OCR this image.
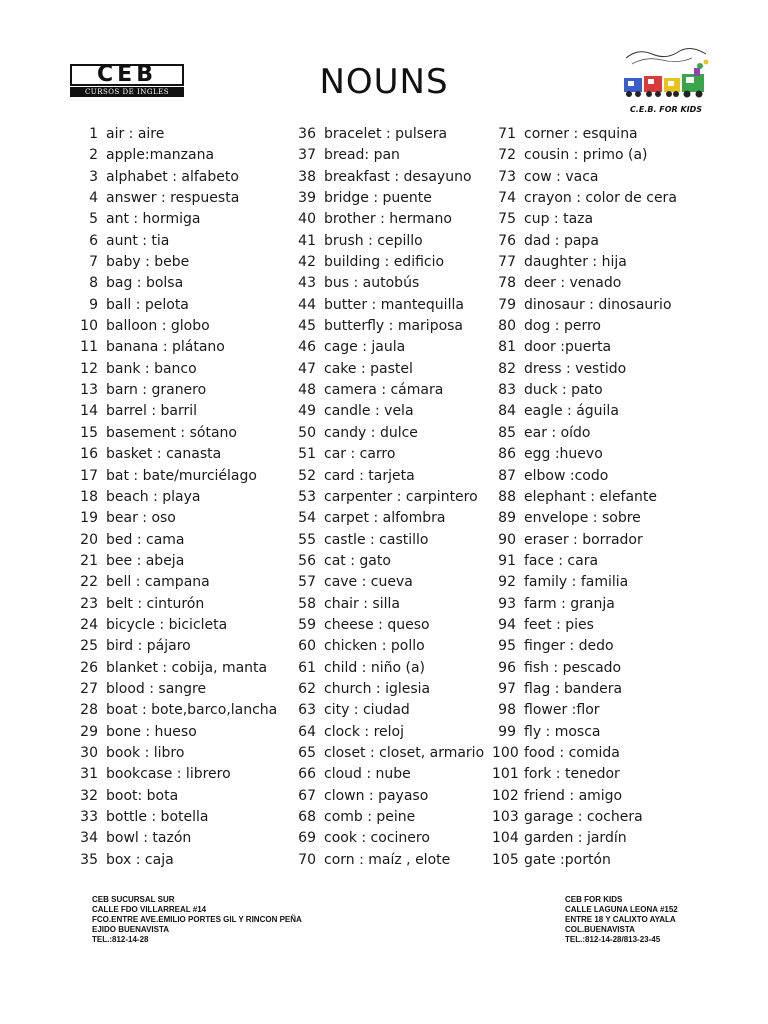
CEB
CURSOS DE INGLES	NOUNS
C.E.B. FOR KIDS
1 air : aire
2 apple:manzana
3 alphabet : alfabeto
4 answer : respuesta
5 ant : hormiga
6 aunt : tia
7 baby : bebe
8 bag : bolsa
9 ball : pelota
10 balloon : globo
11 banana : plátano
12 bank : banco
13 barn : granero
14 barrel : barril
15 basement : sótano
16 basket : canasta
17 bat : bate/murciélago
18 beach : playa
19 bear : oso
20 bed : cama
21 bee : abeja
22 bell : campana
23 belt : cinturón
24 bicycle : bicicleta
25 bird : pájaro
26 blanket : cobija, manta
27 blood : sangre
28 boat : bote,barco,lancha
29 bone : hueso
30 book : libro
31 bookcase : librero
32 boot: bota
33 bottle : botella
34 bowl : tazón
35 box : caja
36 bracelet : pulsera
37 bread: pan
38 breakfast : desayuno
39 bridge : puente
40 brother : hermano
41 brush : cepillo
42 building : edificio
43 bus : autobús
44 butter : mantequilla
45 butterfly : mariposa
46 cage : jaula
47 cake : pastel
48 camera : cámara
49 candle : vela
50 candy : dulce
51 car : carro
52 card : tarjeta
53 carpenter : carpintero
54 carpet : alfombra
55 castle : castillo
56 cat : gato
57 cave : cueva
58 chair : silla
59 cheese : queso
60 chicken : pollo
61 child : niño (a)
62 church : iglesia
63 city : ciudad
64 clock : reloj
65 closet : closet, armario
66 cloud : nube
67 clown : payaso
68 comb : peine
69 cook : cocinero
70 corn : maíz , elote
71 corner : esquina
72 cousin : primo (a)
73 cow : vaca
74 crayon : color de cera
75 cup : taza
76 dad : papa
77 daughter : hija
78 deer : venado
79 dinosaur : dinosaurio
80 dog : perro
81 door :puerta
82 dress : vestido
83 duck : pato
84 eagle : águila
85 ear : oído
86 egg :huevo
87 elbow :codo
88 elephant : elefante
89 envelope : sobre
90 eraser : borrador
91 face : cara
92 family : familia
93 farm : granja
94 feet : pies
95 finger : dedo
96 fish : pescado
97 flag : bandera
98 flower :flor
99 fly : mosca
100 food : comida
101 fork : tenedor
102 friend : amigo
103 garage : cochera
104 garden : jardín
105 gate :portón
CEB SUCURSAL SUR
CALLE FDO VILLARREAL #14
FCO.ENTRE AVE.EMILIO PORTES GIL Y RINCON PEÑA
EJIDO BUENAVISTA
TEL.:812-14-28
CEB FOR KIDS
CALLE LAGUNA LEONA #152
ENTRE 18 Y CALIXTO AYALA
COL.BUENAVISTA
TEL.:812-14-28/813-23-45
